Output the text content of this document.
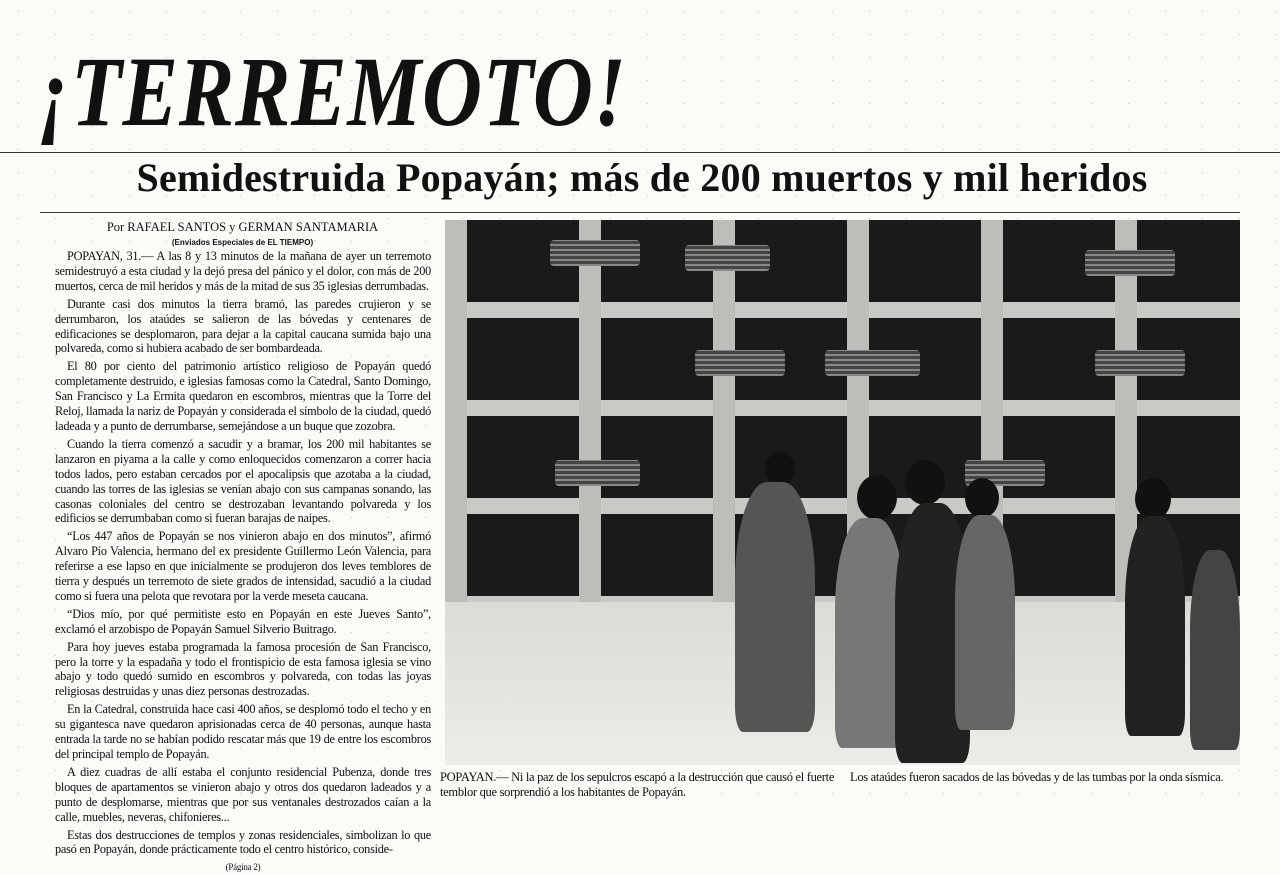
¡TERREMOTO!
Semidestruida Popayán; más de 200 muertos y mil heridos
Por RAFAEL SANTOS y GERMAN SANTAMARIA
(Enviados Especiales de EL TIEMPO)

POPAYAN, 31.— A las 8 y 13 minutos de la mañana de ayer un terremoto semidestruyó a esta ciudad y la dejó presa del pánico y el dolor, con más de 200 muertos, cerca de mil heridos y más de la mitad de sus 35 iglesias derrumbadas.

Durante casi dos minutos la tierra bramó, las paredes crujieron y se derrumbaron, los ataúdes se salieron de las bóvedas y centenares de edificaciones se desplomaron, para dejar a la capital caucana sumida bajo una polvareda, como si hubiera acabado de ser bombardeada.

El 80 por ciento del patrimonio artístico religioso de Popayán quedó completamente destruido, e iglesias famosas como la Catedral, Santo Domingo, San Francisco y La Ermita quedaron en escombros, mientras que la Torre del Reloj, llamada la nariz de Popayán y considerada el símbolo de la ciudad, quedó ladeada y a punto de derrumbarse, semejándose a un buque que zozobra.

Cuando la tierra comenzó a sacudir y a bramar, los 200 mil habitantes se lanzaron en piyama a la calle y como enloquecidos comenzaron a correr hacia todos lados, pero estaban cercados por el apocalipsis que azotaba a la ciudad, cuando las torres de las iglesias se venían abajo con sus campanas sonando, las casonas coloniales del centro se destrozaban levantando polvareda y los edificios se derrumbaban como si fueran barajas de naipes.

“Los 447 años de Popayán se nos vinieron abajo en dos minutos”, afirmó Alvaro Pío Valencia, hermano del ex presidente Guillermo León Valencia, para referirse a ese lapso en que inicialmente se produjeron dos leves temblores de tierra y después un terremoto de siete grados de intensidad, sacudió a la ciudad como si fuera una pelota que revotara por la verde meseta caucana.

“Dios mío, por qué permitiste esto en Popayán en este Jueves Santo”, exclamó el arzobispo de Popayán Samuel Silverio Buitrago.

Para hoy jueves estaba programada la famosa procesión de San Francisco, pero la torre y la espadaña y todo el frontispicio de esta famosa iglesia se vino abajo y todo quedó sumido en escombros y polvareda, con todas las joyas religiosas destruidas y unas diez personas destrozadas.

En la Catedral, construida hace casi 400 años, se desplomó todo el techo y en su gigantesca nave quedaron aprisionadas cerca de 40 personas, aunque hasta entrada la tarde no se habían podido rescatar más que 19 de entre los escombros del principal templo de Popayán.

A diez cuadras de allí estaba el conjunto residencial Pubenza, donde tres bloques de apartamentos se vinieron abajo y otros dos quedaron ladeados y a punto de desplomarse, mientras que por sus ventanales destrozados caían a la calle, muebles, neveras, chifonieres...

Estas dos destrucciones de templos y zonas residenciales, simbolizan lo que pasó en Popayán, donde prácticamente todo el centro histórico, conside-

(Página 2)

POPAYAN.— Ni la paz de los sepulcros escapó a la destrucción que causó el fuerte temblor que sorprendió a los habitantes de Popayán.
Los ataúdes fueron sacados de las bóvedas y de las tumbas por la onda sísmica.
